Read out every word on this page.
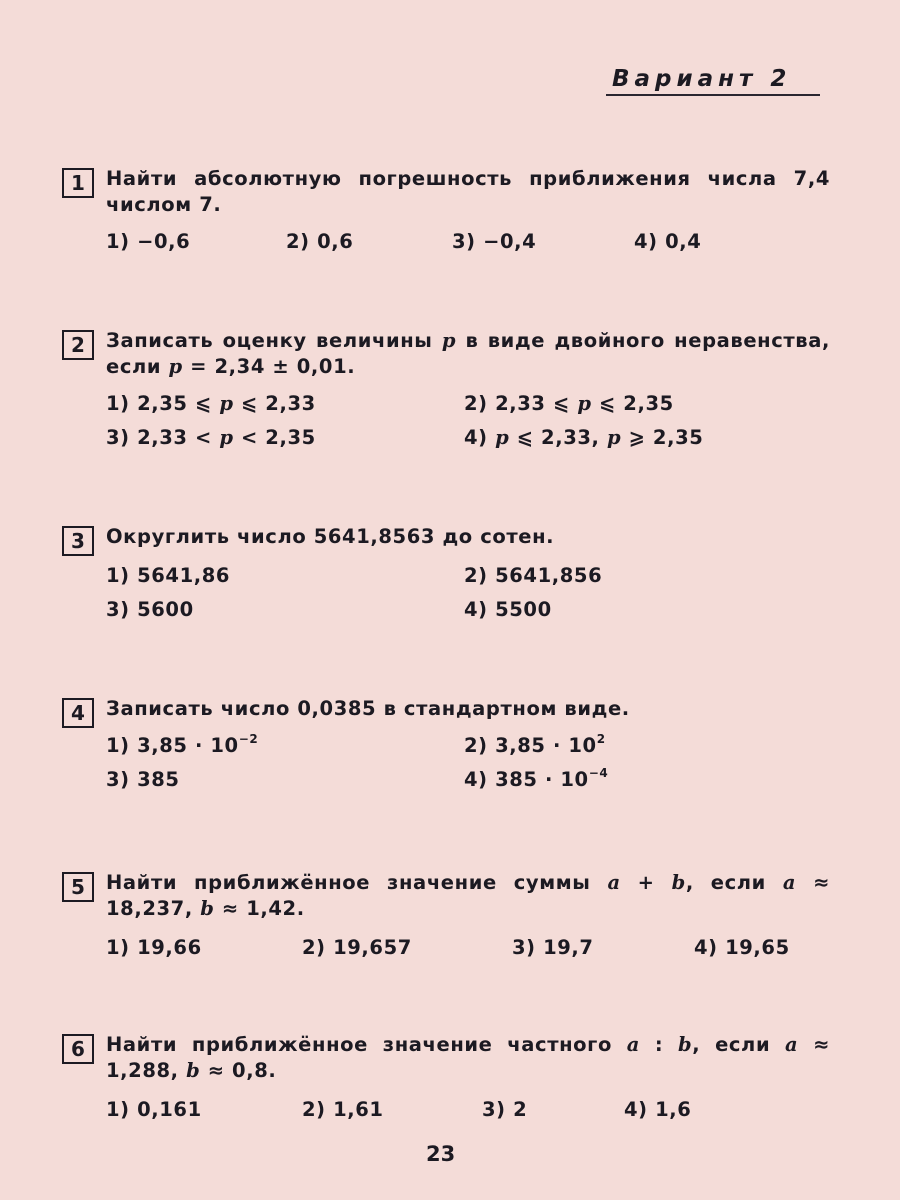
Вариант 2
1	Найти абсолютную погрешность приближения числа 7,4 числом 7.
1) −0,6	2) 0,6	3) −0,4	4) 0,4
2	Записать оценку величины p в виде двойного неравенства, если p = 2,34 ± 0,01.
1) 2,35 ⩽ p ⩽ 2,33	2) 2,33 ⩽ p ⩽ 2,35
3) 2,33 < p < 2,35	4) p ⩽ 2,33, p ⩾ 2,35
3	Округлить число 5641,8563 до сотен.
1) 5641,86	2) 5641,856
3) 5600	4) 5500
4	Записать число 0,0385 в стандартном виде.
1) $3,85 \cdot 10^{-2}$	2) $3,85 \cdot 10^2$
3) 385	4) $385 \cdot 10^{-4}$
5	Найти приближённое значение суммы a + b, если a ≈ 18,237, b ≈ 1,42.
1) 19,66	2) 19,657	3) 19,7	4) 19,65
6	Найти приближённое значение частного a : b, если a ≈ 1,288, b ≈ 0,8.
1) 0,161	2) 1,61	3) 2	4) 1,6
23
